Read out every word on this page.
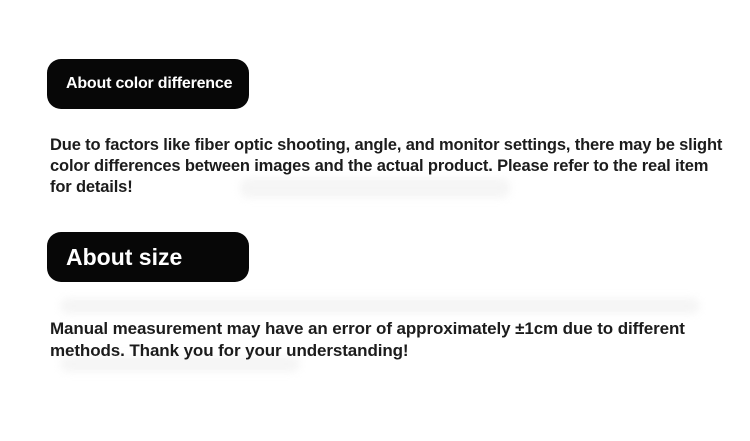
About color difference
Due to factors like fiber optic shooting, angle, and monitor settings, there may be slight color differences between images and the actual product. Please refer to the real item for details!
About size
Manual measurement may have an error of approximately ±1cm due to different methods. Thank you for your understanding!
